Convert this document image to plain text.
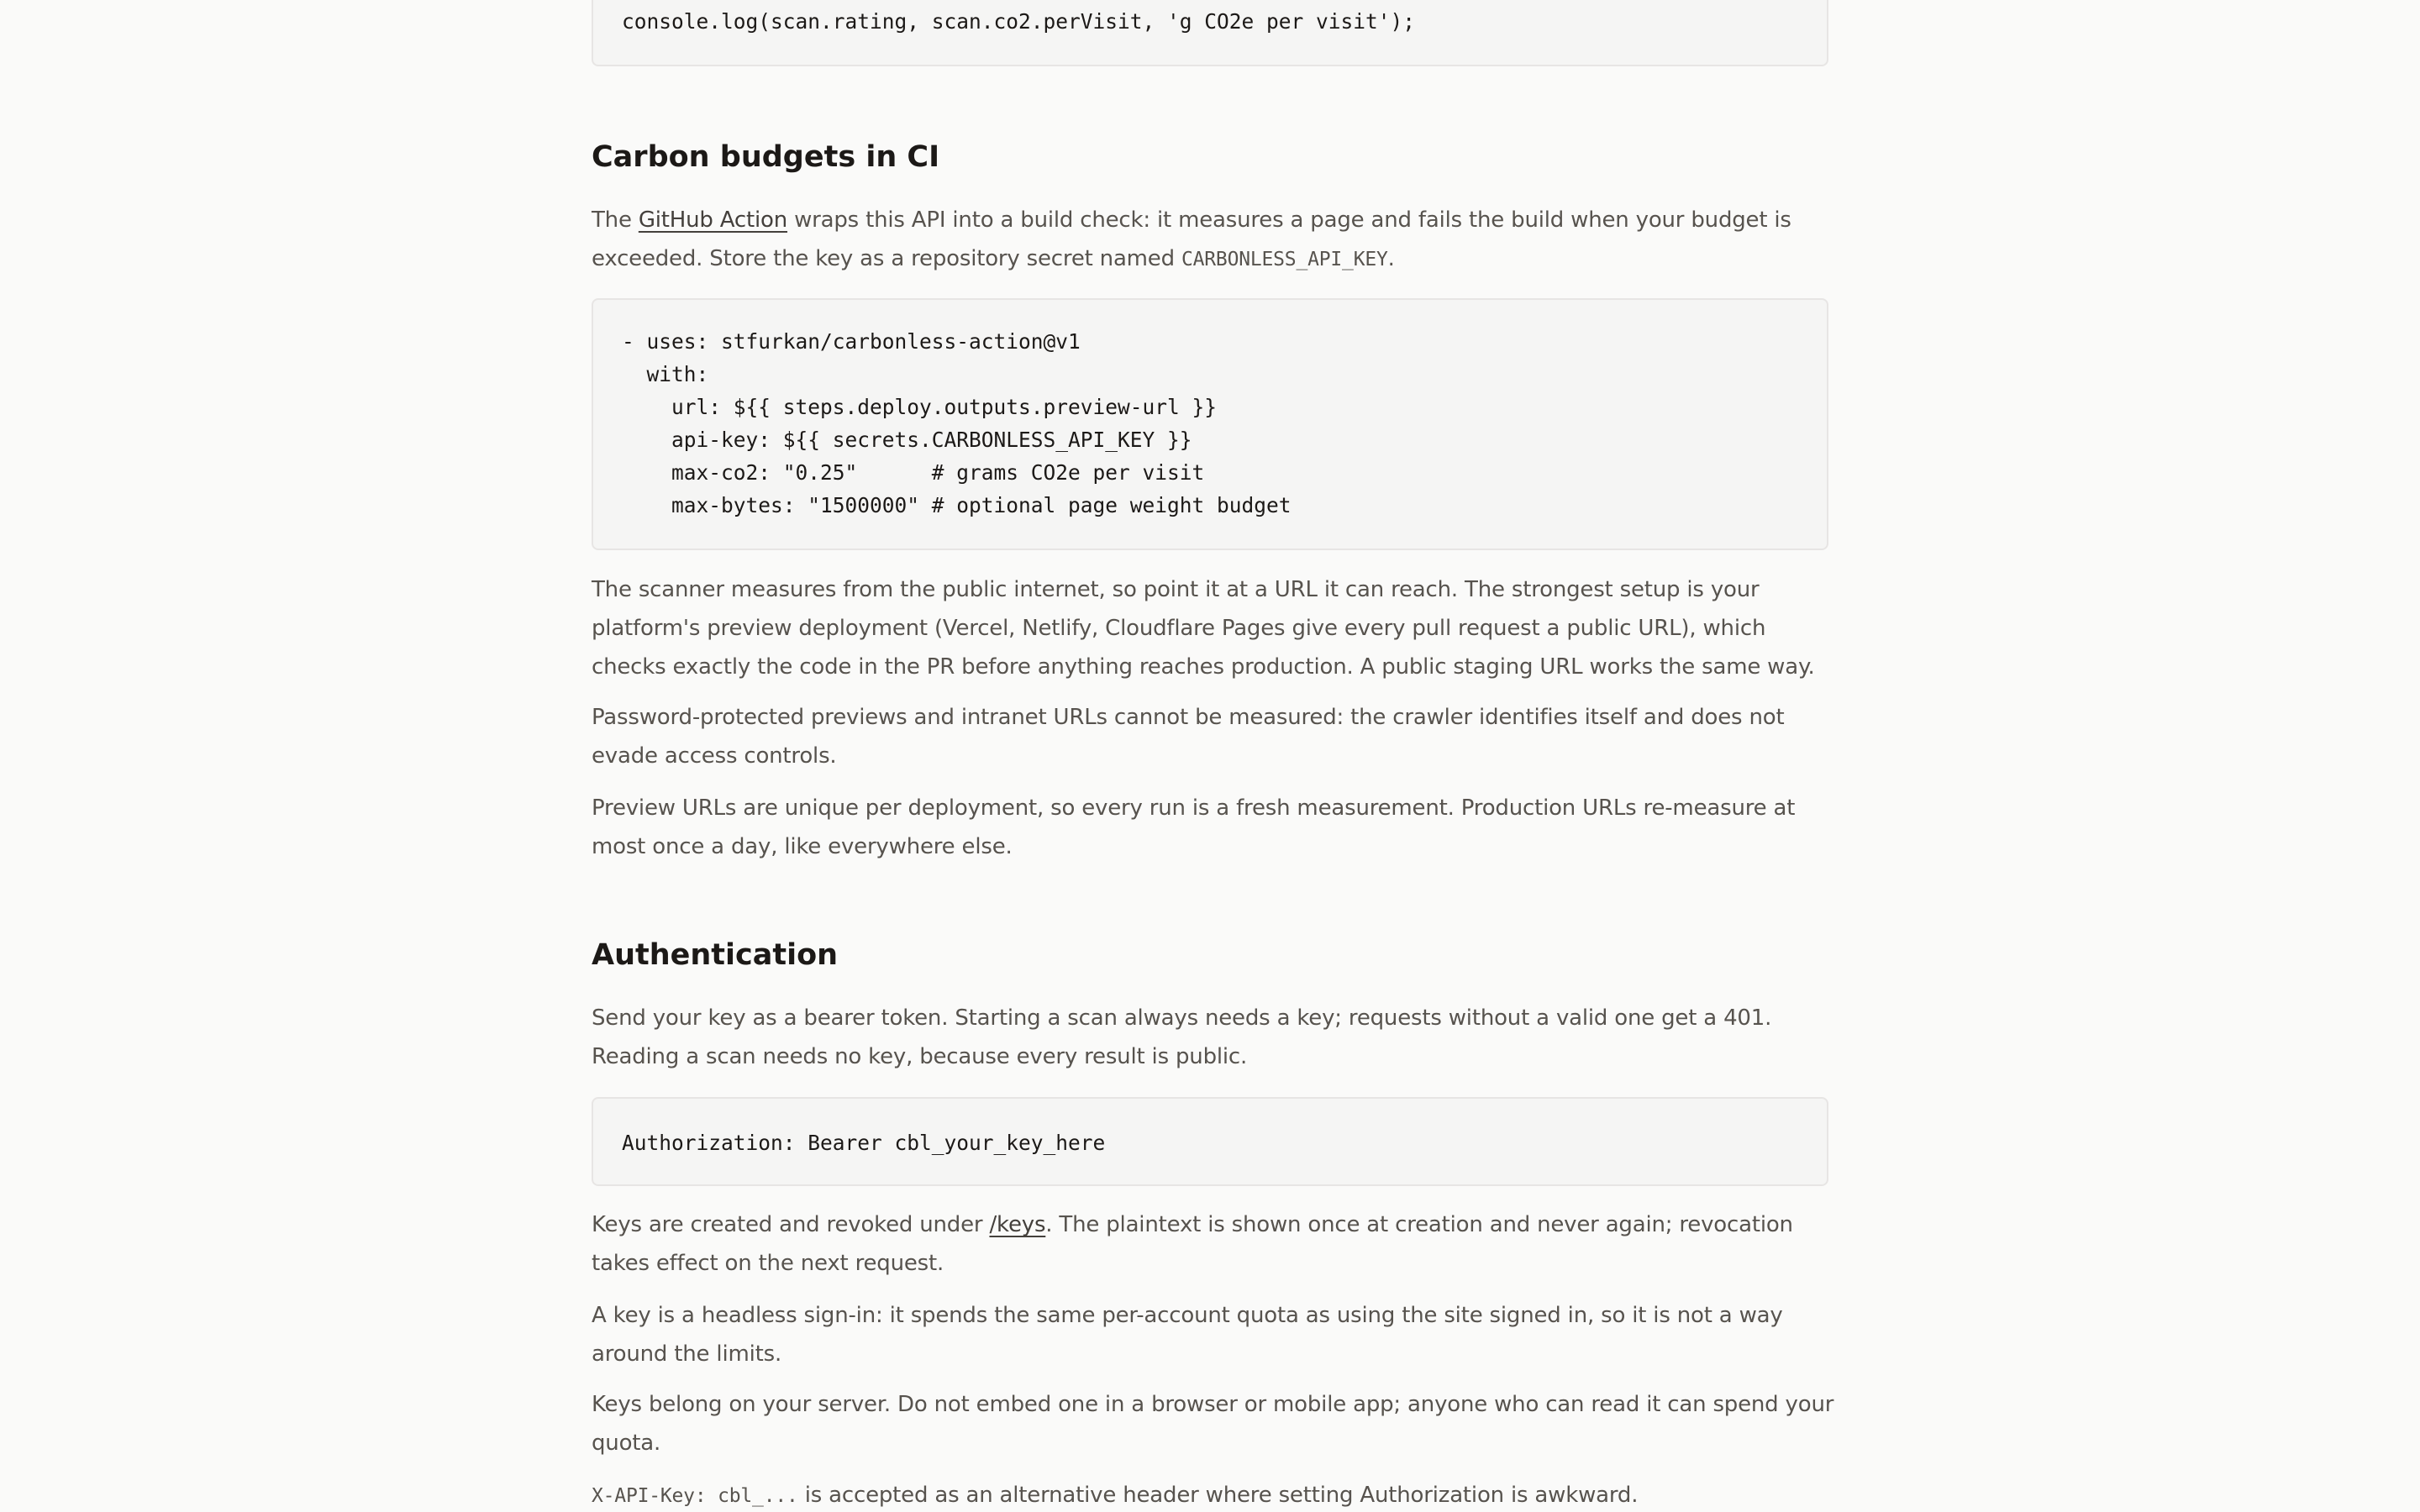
console.log(scan.rating, scan.co2.perVisit, 'g CO2e per visit');
Carbon budgets in CI

The GitHub Action wraps this API into a build check: it measures a page and fails the build when your budget is
exceeded. Store the key as a repository secret named CARBONLESS_API_KEY.

- uses: stfurkan/carbonless-action@v1
with:
url: ${{ steps.deploy.outputs.preview-url }}
api-key: ${{ secrets.CARBONLESS_API_KEY }}
max-co2: "0.25"      # grams CO2e per visit
max-bytes: "1500000" # optional page weight budget

The scanner measures from the public internet, so point it at a URL it can reach. The strongest setup is your
platform's preview deployment (Vercel, Netlify, Cloudflare Pages give every pull request a public URL), which
checks exactly the code in the PR before anything reaches production. A public staging URL works the same way.

Password-protected previews and intranet URLs cannot be measured: the crawler identifies itself and does not
evade access controls.

Preview URLs are unique per deployment, so every run is a fresh measurement. Production URLs re-measure at
most once a day, like everywhere else.

Authentication

Send your key as a bearer token. Starting a scan always needs a key; requests without a valid one get a 401.
Reading a scan needs no key, because every result is public.

Authorization: Bearer cbl_your_key_here

Keys are created and revoked under /keys. The plaintext is shown once at creation and never again; revocation
takes effect on the next request.

A key is a headless sign-in: it spends the same per-account quota as using the site signed in, so it is not a way
around the limits.

Keys belong on your server. Do not embed one in a browser or mobile app; anyone who can read it can spend your
quota.

X-API-Key: cbl_... is accepted as an alternative header where setting Authorization is awkward.
